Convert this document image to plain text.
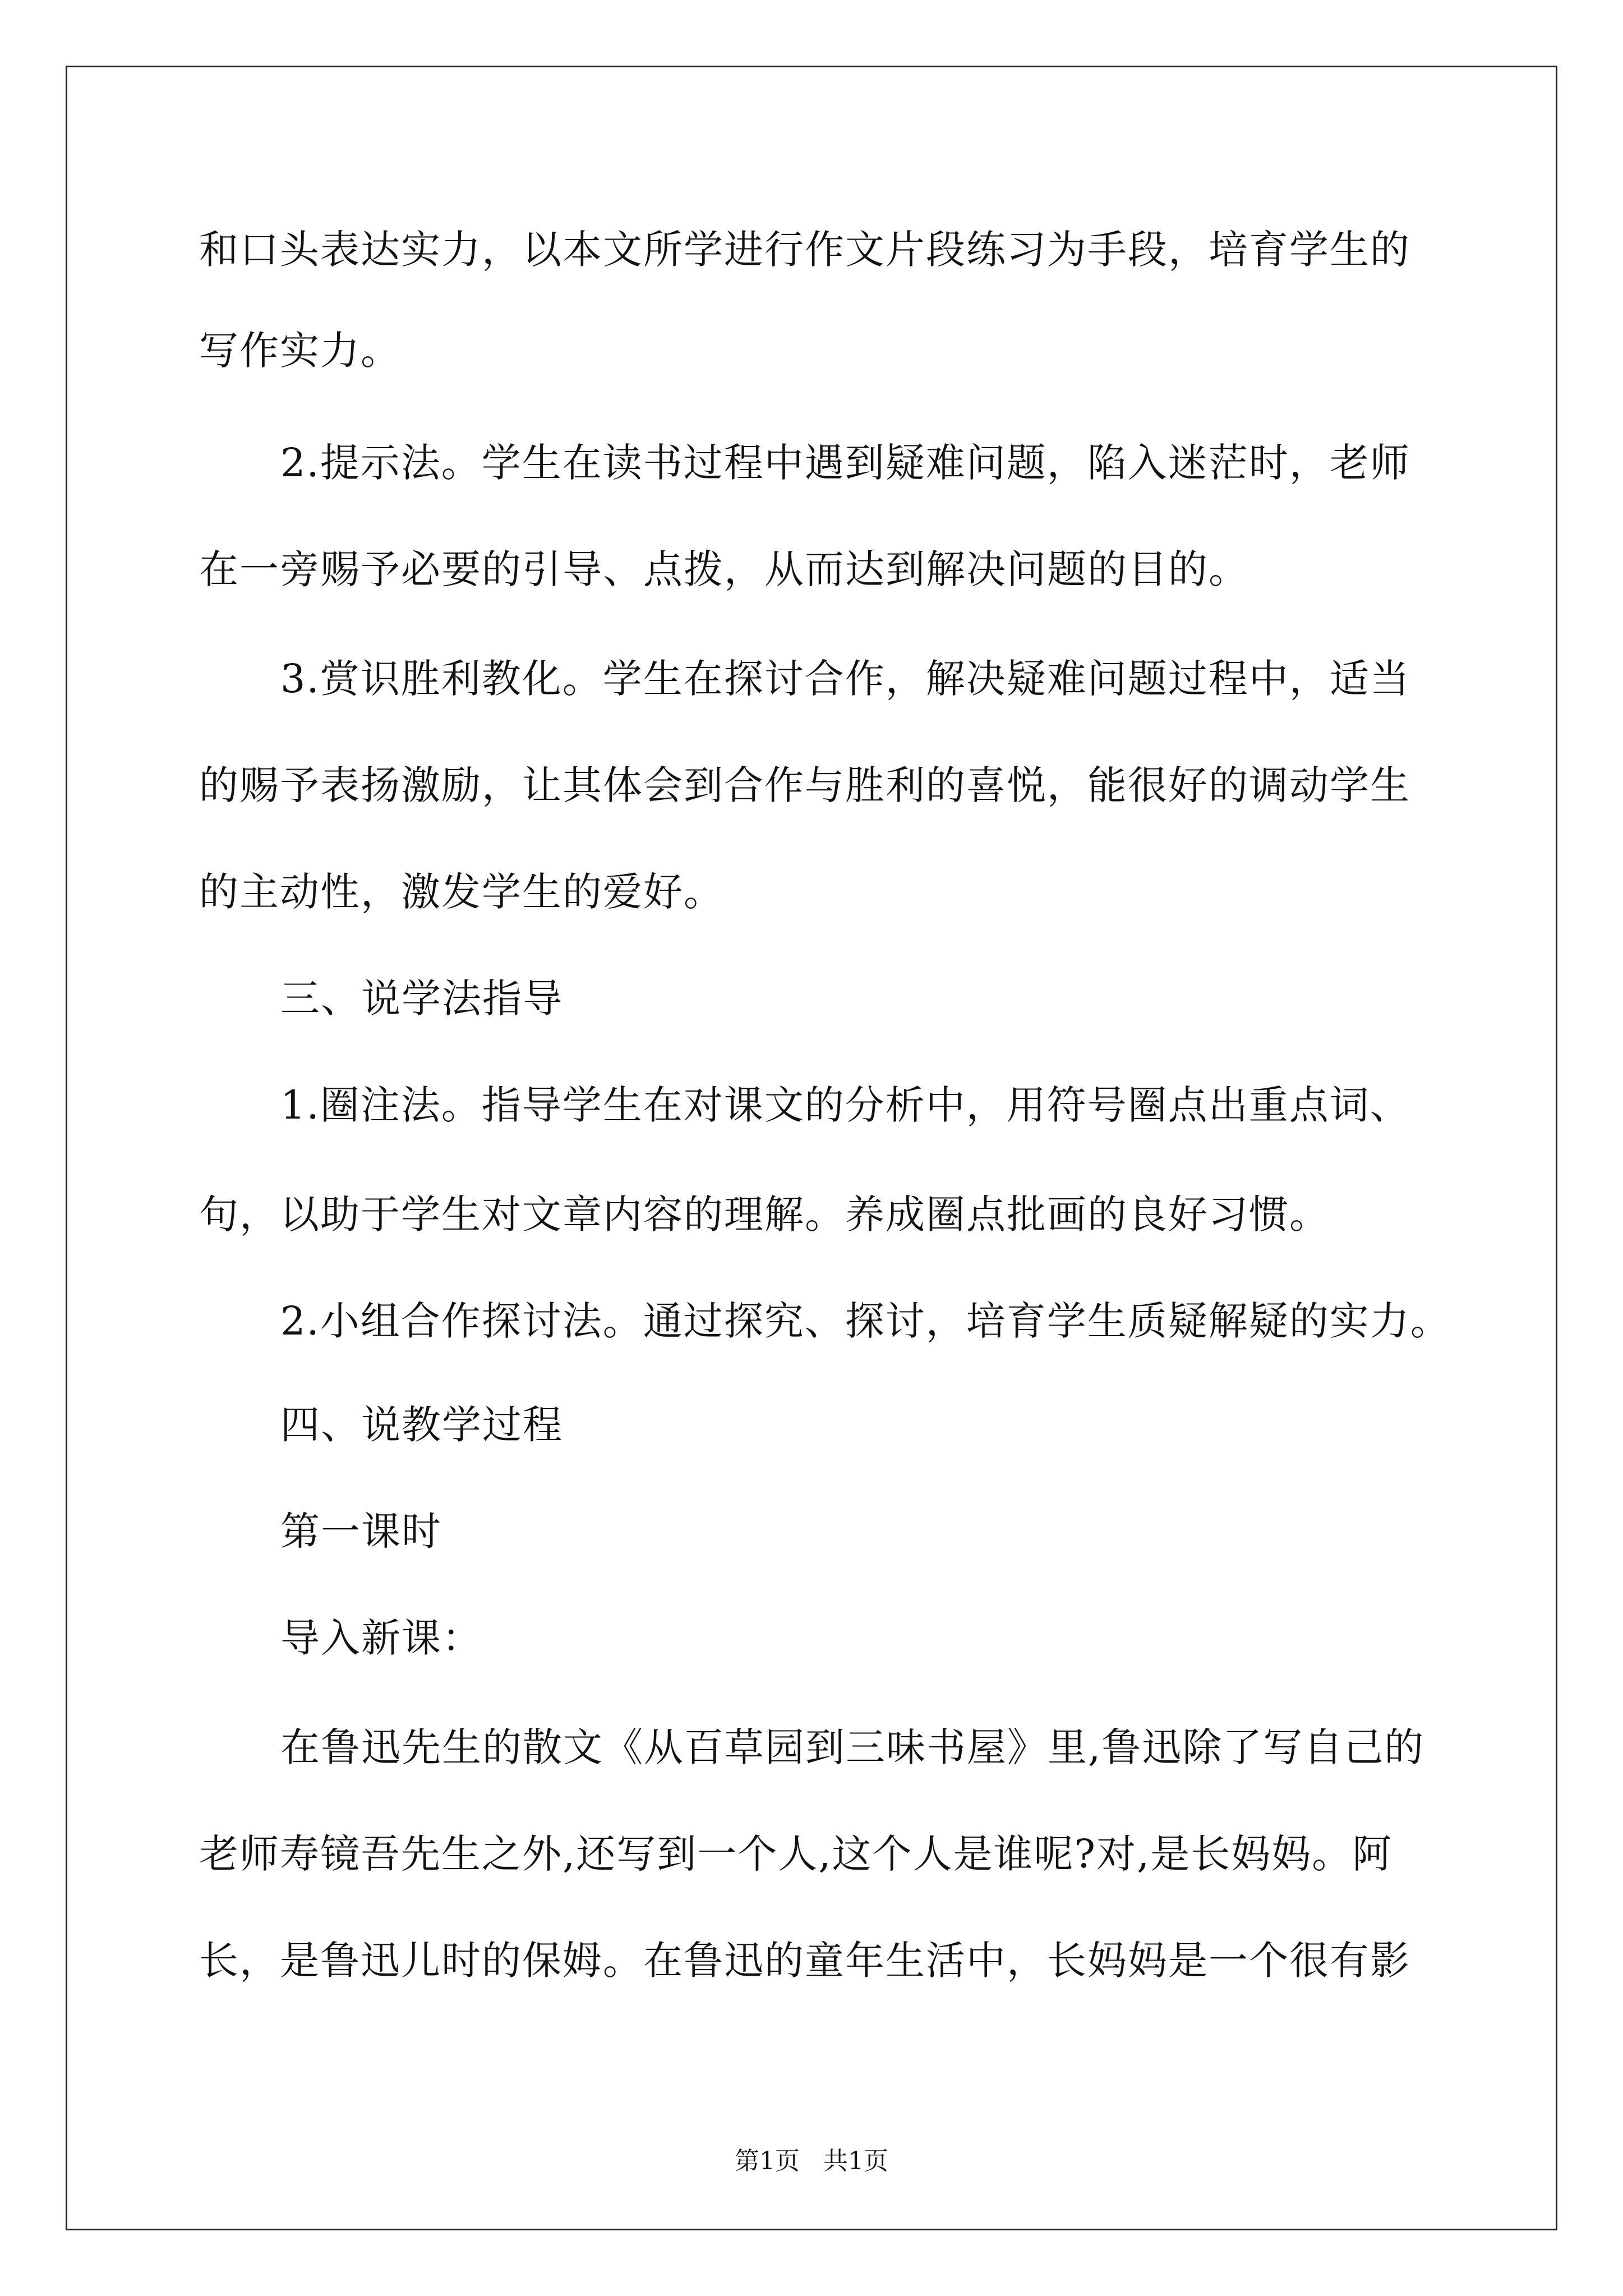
和口头表达实力，以本文所学进行作文片段练习为手段，培育学生的
写作实力。
2.提示法。学生在读书过程中遇到疑难问题，陷入迷茫时，老师
在一旁赐予必要的引导、点拨，从而达到解决问题的目的。
3.赏识胜利教化。学生在探讨合作，解决疑难问题过程中，适当
的赐予表扬激励，让其体会到合作与胜利的喜悦，能很好的调动学生
的主动性，激发学生的爱好。
三、说学法指导
1.圈注法。指导学生在对课文的分析中，用符号圈点出重点词、
句，以助于学生对文章内容的理解。养成圈点批画的良好习惯。
2.小组合作探讨法。通过探究、探讨，培育学生质疑解疑的实力。
四、说教学过程
第一课时
导入新课：
在鲁迅先生的散文《从百草园到三味书屋》里,鲁迅除了写自己的
老师寿镜吾先生之外,还写到一个人,这个人是谁呢?对,是长妈妈。阿
长，是鲁迅儿时的保姆。在鲁迅的童年生活中，长妈妈是一个很有影
第1页   共1页
